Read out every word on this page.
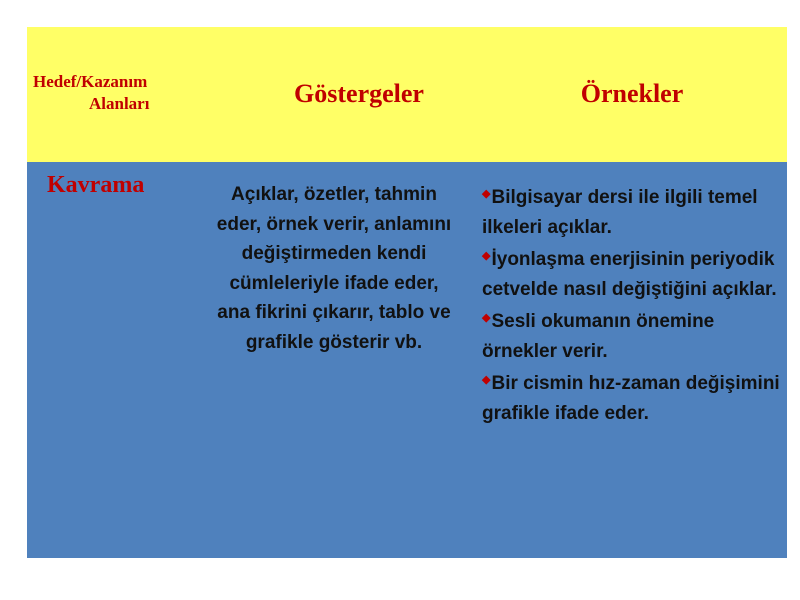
Hedef/Kazanım
Alanları	Göstergeler	Örnekler
Kavrama	Açıklar, özetler, tahmin eder, örnek verir, anlamını değiştirmeden kendi cümleleriyle ifade eder, ana fikrini çıkarır, tablo ve grafikle gösterir vb.
◆Bilgisayar dersi ile ilgili temel ilkeleri açıklar.
◆İyonlaşma enerjisinin periyodik cetvelde nasıl değiştiğini açıklar.
◆Sesli okumanın önemine örnekler verir.
◆Bir cismin hız-zaman değişimini grafikle ifade eder.
